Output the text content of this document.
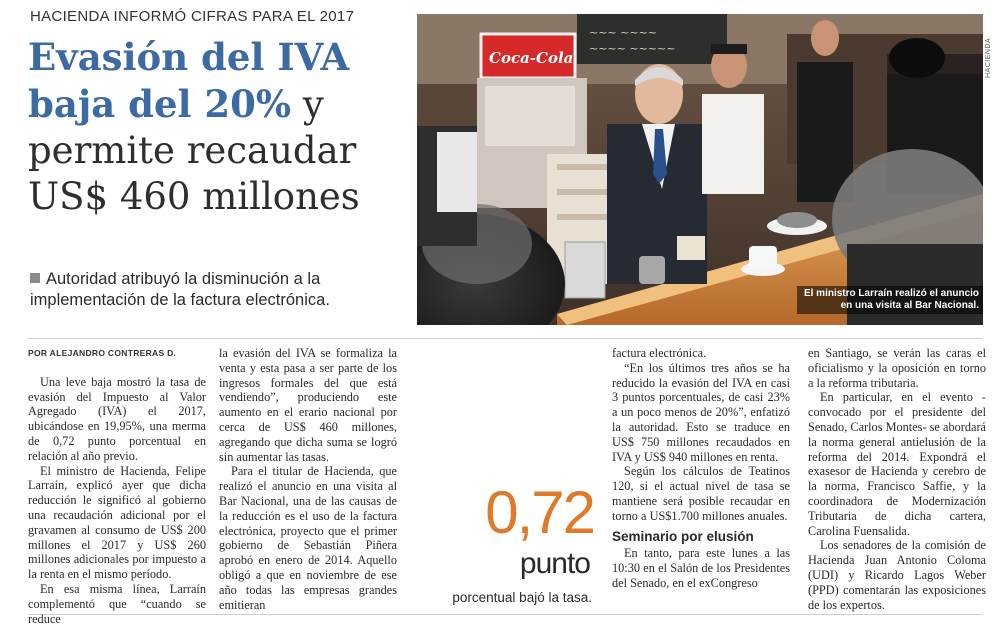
HACIENDA INFORMÓ CIFRAS PARA EL 2017
Evasión del IVA
baja del 20% y
permite recaudar
US$ 460 millones
Autoridad atribuyó la disminución a la implementación de la factura electrónica.
~~~ ~~~~
~~~~ ~~~~~
Coca-Cola
El ministro Larraín realizó el anuncio en una visita al Bar Nacional.
HACIENDA
POR ALEJANDRO CONTRERAS D.

Una leve baja mostró la tasa de evasión del Impuesto al Valor Agregado (IVA) el 2017, ubicándose en 19,95%, una merma de 0,72 punto porcentual en relación al año previo.

El ministro de Hacienda, Felipe Larraín, explicó ayer que dicha reducción le significó al gobierno una recaudación adicional por el gravamen al consumo de US$ 200 millones el 2017 y US$ 260 millones adicionales por impuesto a la renta en el mismo período.

En esa misma línea, Larraín complementó que “cuando se reduce

la evasión del IVA se formaliza la venta y esta pasa a ser parte de los ingresos formales del que está vendiendo”, produciendo este aumento en el erario nacional por cerca de US$ 460 millones, agregando que dicha suma se logró sin aumentar las tasas.

Para el titular de Hacienda, que realizó el anuncio en una visita al Bar Nacional, una de las causas de la reducción es el uso de la factura electrónica, proyecto que el primer gobierno de Sebastián Piñera aprobó en enero de 2014. Aquello obligó a que en noviembre de ese año todas las empresas grandes emitieran

factura electrónica.

“En los últimos tres años se ha reducido la evasión del IVA en casi 3 puntos porcentuales, de casi 23% a un poco menos de 20%”, enfatizó la autoridad. Esto se traduce en US$ 750 millones recaudados en IVA y US$ 940 millones en renta.

Según los cálculos de Teatinos 120, si el actual nivel de tasa se mantiene será posible recaudar en torno a US$1.700 millones anuales.

Seminario por elusión

En tanto, para este lunes a las 10:30 en el Salón de los Presidentes del Senado, en el exCongreso

en Santiago, se verán las caras el oficialismo y la oposición en torno a la reforma tributaria.

En particular, en el evento -convocado por el presidente del Senado, Carlos Montes- se abordará la norma general antielusión de la reforma del 2014. Expondrá el exasesor de Hacienda y cerebro de la norma, Francisco Saffie, y la coordinadora de Modernización Tributaria de dicha cartera, Carolina Fuensalida.

Los senadores de la comisión de Hacienda Juan Antonio Coloma (UDI) y Ricardo Lagos Weber (PPD) comentarán las exposiciones de los expertos.

0,72
punto
porcentual bajó la tasa.
